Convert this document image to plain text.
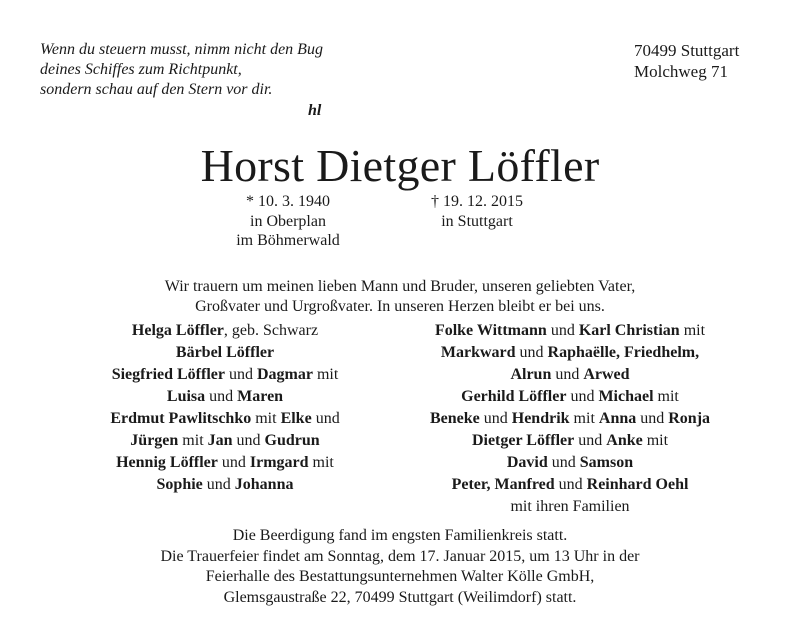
Wenn du steuern musst, nimm nicht den Bug
deines Schiffes zum Richtpunkt,
sondern schau auf den Stern vor dir.
hl
70499 Stuttgart
Molchweg 71
Horst Dietger Löffler
* 10. 3. 1940
in Oberplan
im Böhmerwald
† 19. 12. 2015
in Stuttgart
Wir trauern um meinen lieben Mann und Bruder, unseren geliebten Vater,
Großvater und Urgroßvater. In unseren Herzen bleibt er bei uns.
Helga Löffler, geb. Schwarz
Bärbel Löffler
Siegfried Löffler und Dagmar mit
Luisa und Maren
Erdmut Pawlitschko mit Elke und
Jürgen mit Jan und Gudrun
Hennig Löffler und Irmgard mit
Sophie und Johanna
Folke Wittmann und Karl Christian mit
Markward und Raphaëlle, Friedhelm,
Alrun und Arwed
Gerhild Löffler und Michael mit
Beneke und Hendrik mit Anna und Ronja
Dietger Löffler und Anke mit
David und Samson
Peter, Manfred und Reinhard Oehl
mit ihren Familien
Die Beerdigung fand im engsten Familienkreis statt.
Die Trauerfeier findet am Sonntag, dem 17. Januar 2015, um 13 Uhr in der
Feierhalle des Bestattungsunternehmen Walter Kölle GmbH,
Glemsgaustraße 22, 70499 Stuttgart (Weilimdorf) statt.
